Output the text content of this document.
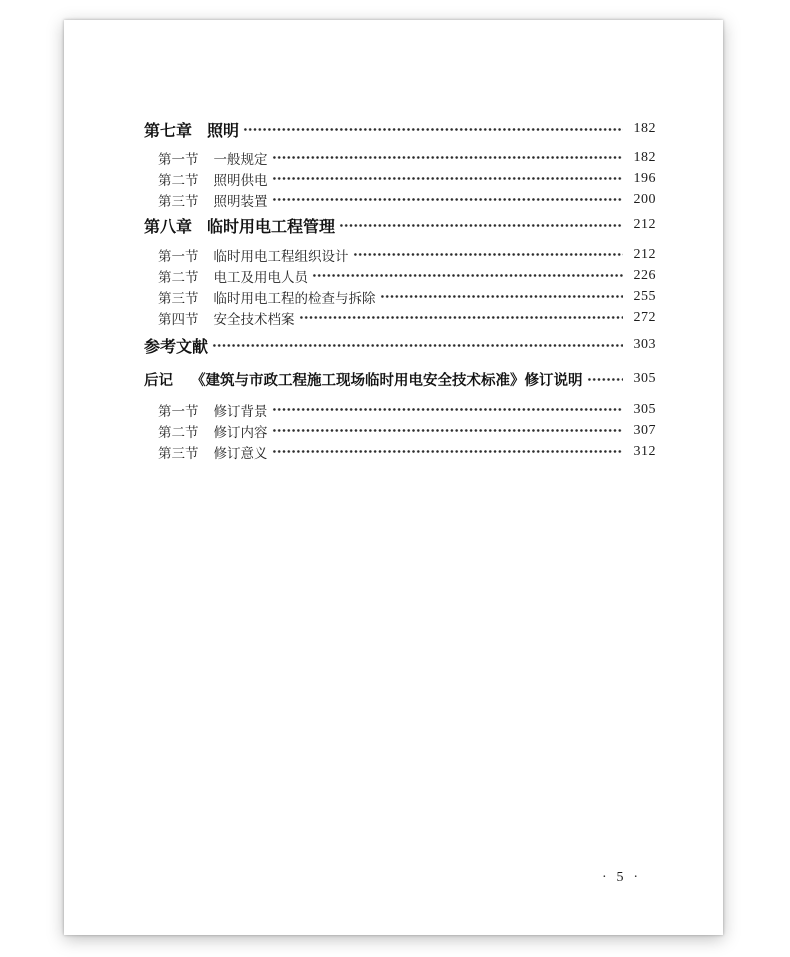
第七章 照明	182
第一节 一般规定	182
第二节 照明供电	196
第三节 照明装置	200
第八章 临时用电工程管理	212
第一节 临时用电工程组织设计	212
第二节 电工及用电人员	226
第三节 临时用电工程的检查与拆除	255
第四节 安全技术档案	272
参考文献	303
后记 《建筑与市政工程施工现场临时用电安全技术标准》修订说明	305
第一节 修订背景	305
第二节 修订内容	307
第三节 修订意义	312
· 5 ·
